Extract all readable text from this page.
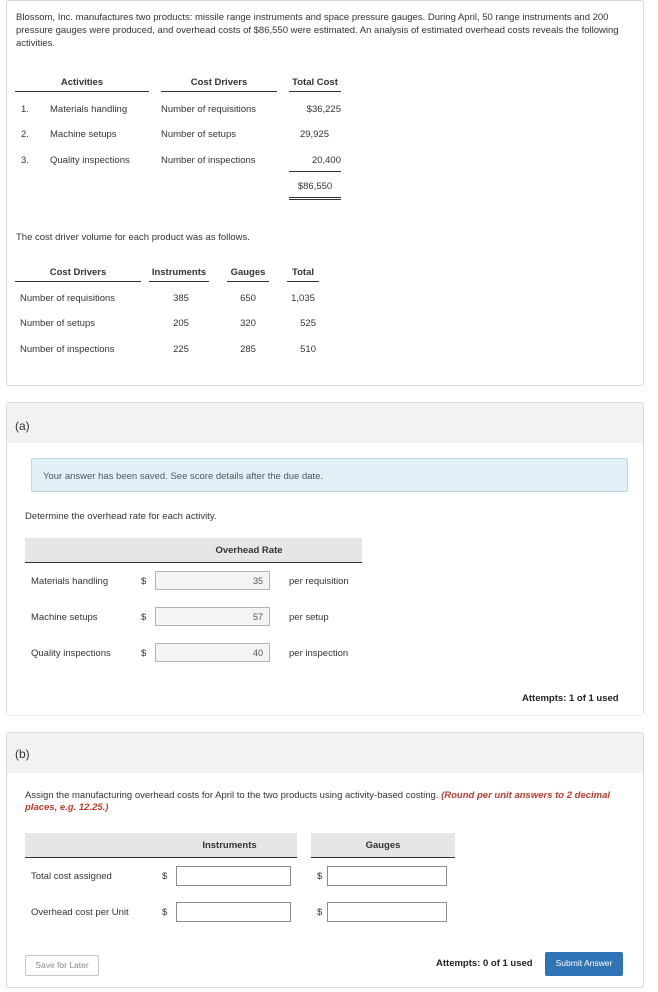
Blossom, Inc. manufactures two products: missile range instruments and space pressure gauges. During April, 50 range instruments and 200 pressure gauges were produced, and overhead costs of $86,550 were estimated. An analysis of estimated overhead costs reveals the following activities.
Activities	Cost Drivers	Total Cost
1. Materials handling	Number of requisitions	$36,225
2. Machine setups	Number of setups	29,925
3. Quality inspections	Number of inspections	20,400
$86,550
The cost driver volume for each product was as follows.
Cost Drivers	Instruments	Gauges	Total
Number of requisitions	385	650	1,035
Number of setups	205	320	525
Number of inspections	225	285	510
(a)
Your answer has been saved. See score details after the due date.
Determine the overhead rate for each activity.
Overhead Rate
Materials handling	$	35	per requisition
Machine setups	$	57	per setup
Quality inspections	$	40	per inspection
Attempts: 1 of 1 used
(b)
Assign the manufacturing overhead costs for April to the two products using activity-based costing. (Round per unit answers to 2 decimal places, e.g. 12.25.)
Instruments	Gauges
Total cost assigned	$	$
Overhead cost per Unit	$	$
Save for Later	Attempts: 0 of 1 used	Submit Answer
